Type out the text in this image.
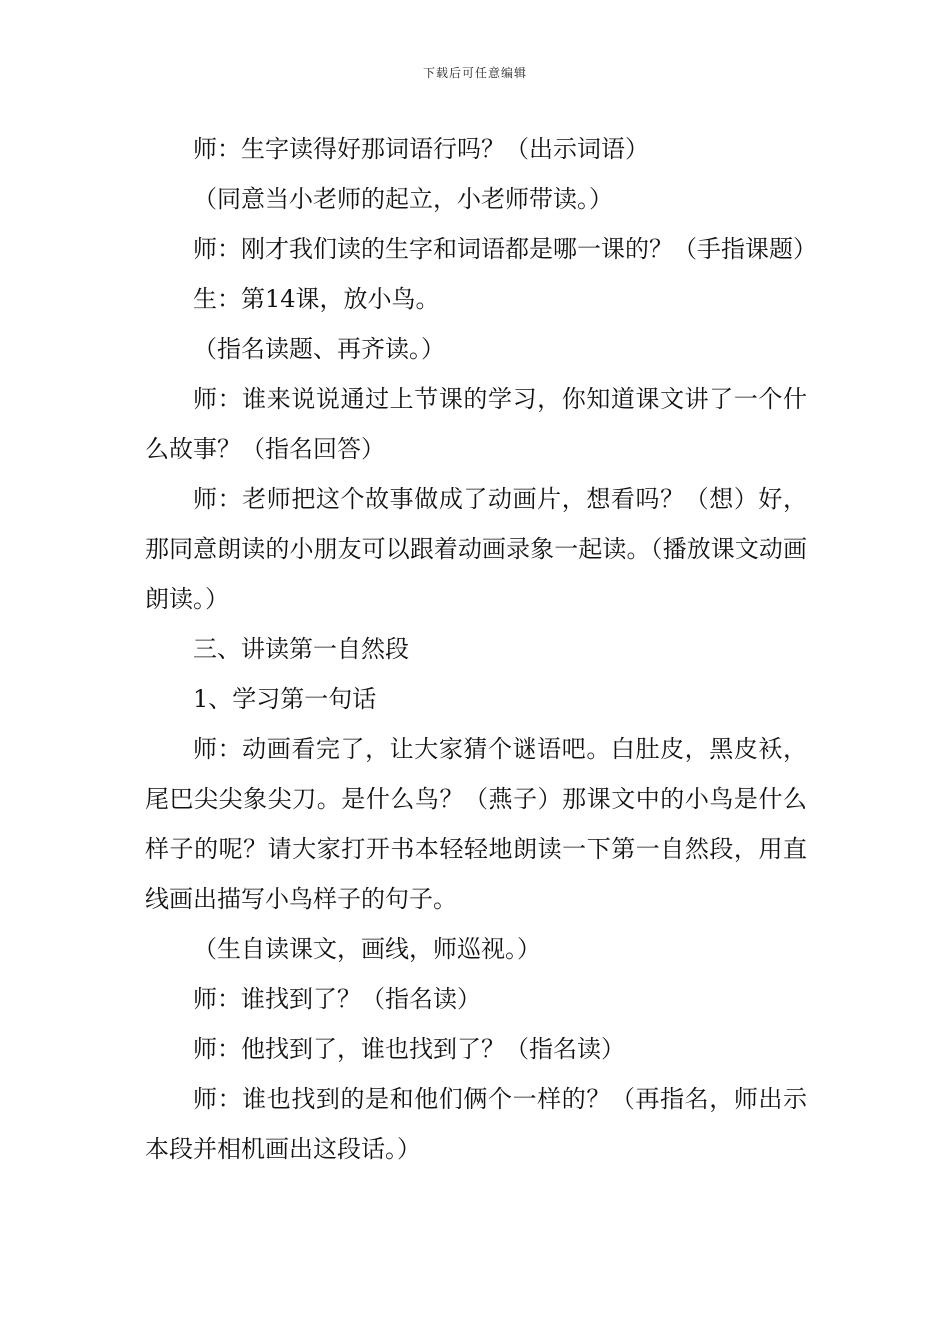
下载后可任意编辑

师：生字读得好那词语行吗？（出示词语）

（同意当小老师的起立，小老师带读。）

师：刚才我们读的生字和词语都是哪一课的？（手指课题）

生：第14课，放小鸟。

（指名读题、再齐读。）

师：谁来说说通过上节课的学习，你知道课文讲了一个什么故事？（指名回答）

师：老师把这个故事做成了动画片，想看吗？（想）好，那同意朗读的小朋友可以跟着动画录象一起读。（播放课文动画朗读。）

三、讲读第一自然段

1、学习第一句话

师：动画看完了，让大家猜个谜语吧。白肚皮，黑皮袄，尾巴尖尖象尖刀。是什么鸟？（燕子）那课文中的小鸟是什么样子的呢？请大家打开书本轻轻地朗读一下第一自然段，用直线画出描写小鸟样子的句子。

（生自读课文，画线，师巡视。）

师：谁找到了？（指名读）

师：他找到了，谁也找到了？（指名读）

师：谁也找到的是和他们俩个一样的？（再指名，师出示本段并相机画出这段话。）
